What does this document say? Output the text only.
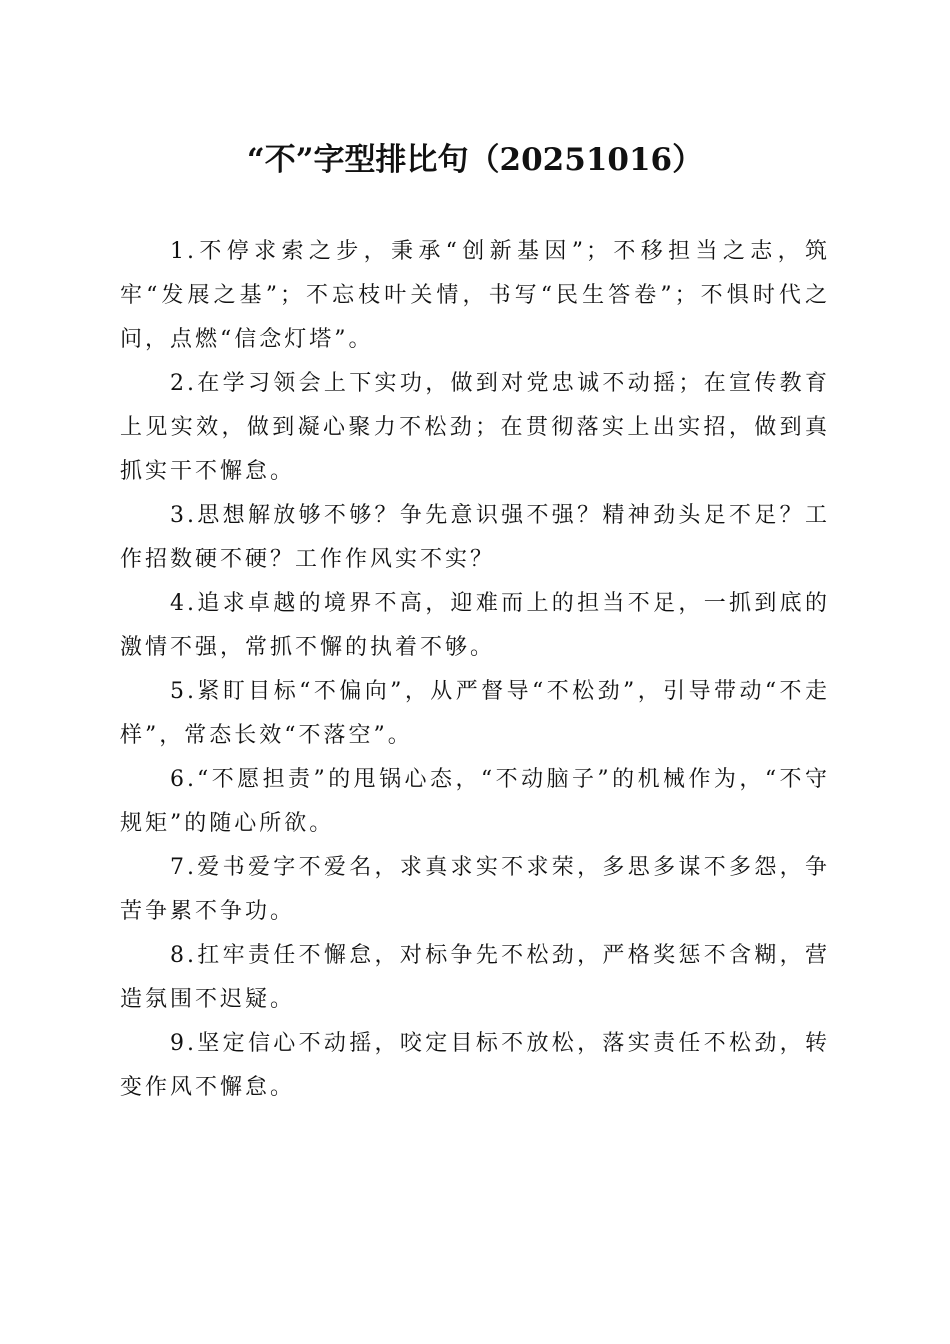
“不”字型排比句（20251016）

1.不停求索之步，秉承“创新基因”；不移担当之志，筑牢“发展之基”；不忘枝叶关情，书写“民生答卷”；不惧时代之问，点燃“信念灯塔”。

2.在学习领会上下实功，做到对党忠诚不动摇；在宣传教育上见实效，做到凝心聚力不松劲；在贯彻落实上出实招，做到真抓实干不懈怠。

3.思想解放够不够？争先意识强不强？精神劲头足不足？工作招数硬不硬？工作作风实不实？

4.追求卓越的境界不高，迎难而上的担当不足，一抓到底的激情不强，常抓不懈的执着不够。

5.紧盯目标“不偏向”，从严督导“不松劲”，引导带动“不走样”，常态长效“不落空”。

6.“不愿担责”的甩锅心态，“不动脑子”的机械作为，“不守规矩”的随心所欲。

7.爱书爱字不爱名，求真求实不求荣，多思多谋不多怨，争苦争累不争功。

8.扛牢责任不懈怠，对标争先不松劲，严格奖惩不含糊，营造氛围不迟疑。

9.坚定信心不动摇，咬定目标不放松，落实责任不松劲，转变作风不懈怠。
